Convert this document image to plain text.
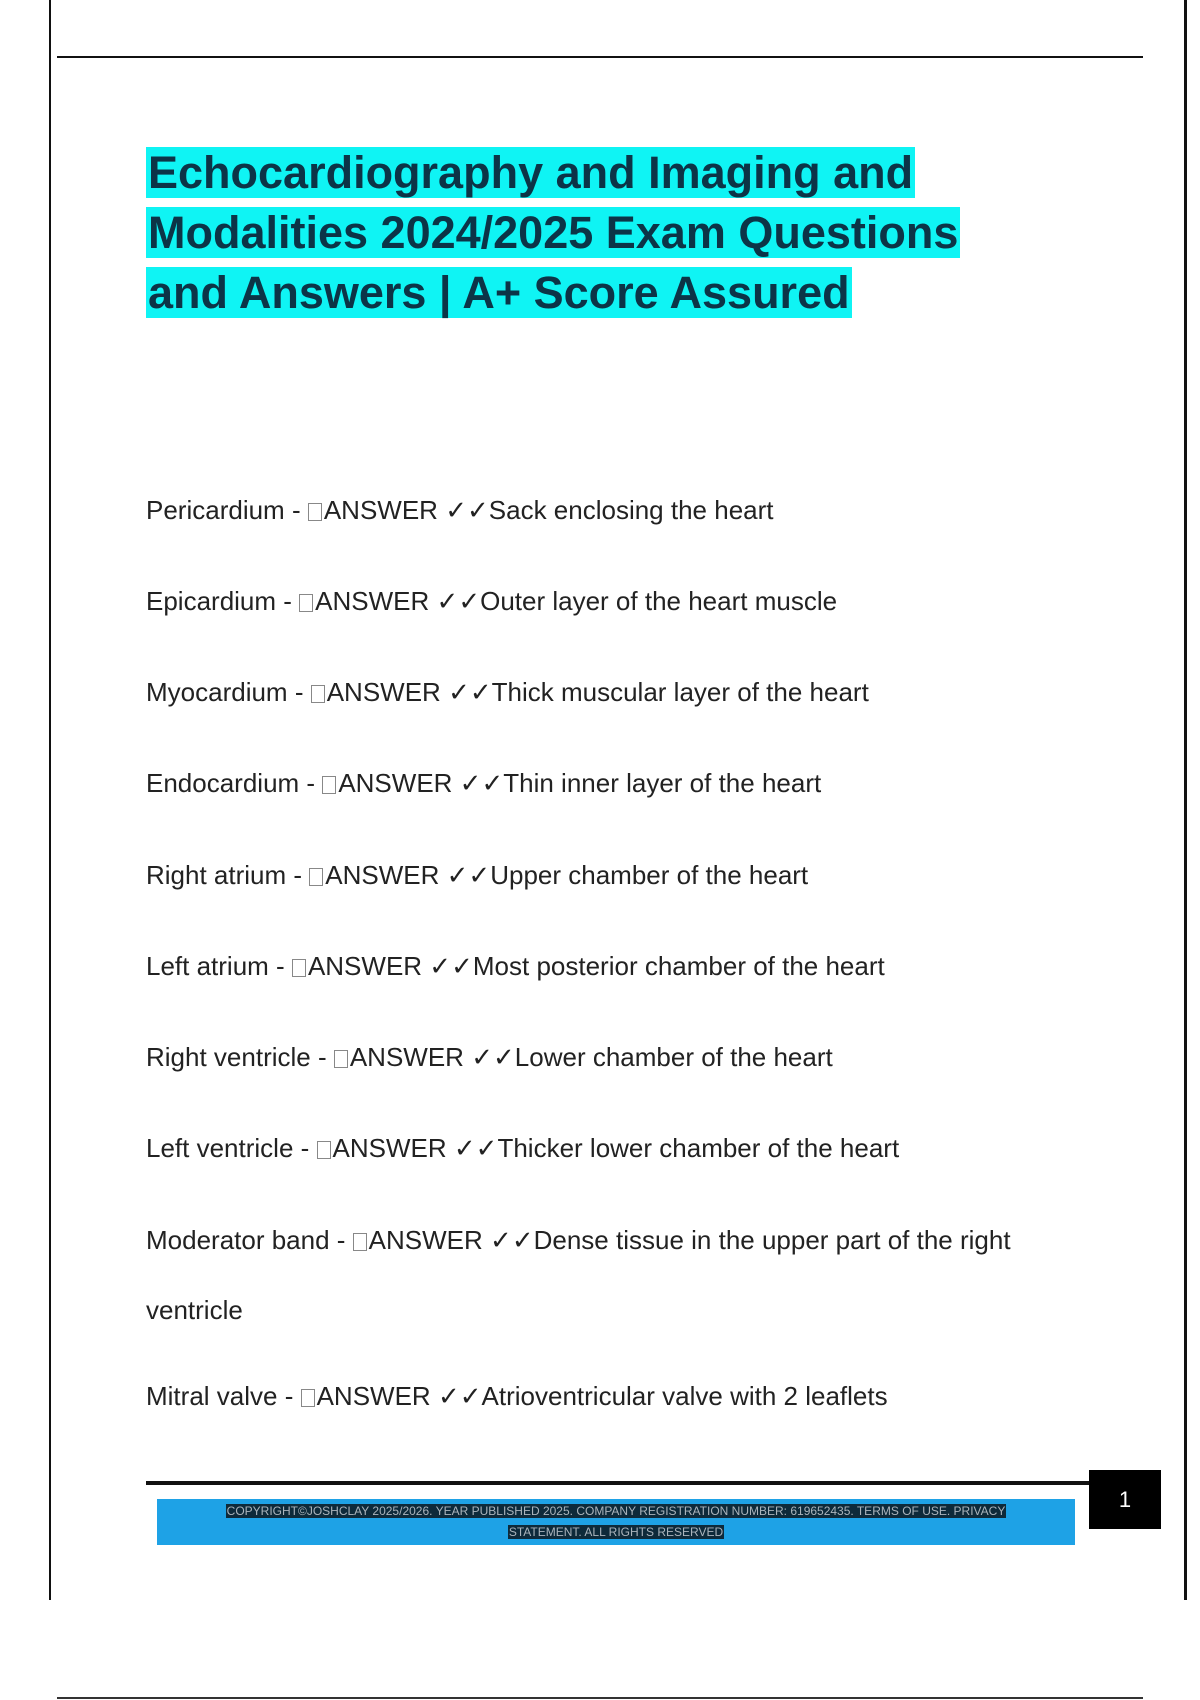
Echocardiography and Imaging and
Modalities 2024/2025 Exam Questions
and Answers | A+ Score Assured
Pericardium - ANSWER ✓✓Sack enclosing the heart
Epicardium - ANSWER ✓✓Outer layer of the heart muscle
Myocardium - ANSWER ✓✓Thick muscular layer of the heart
Endocardium - ANSWER ✓✓Thin inner layer of the heart
Right atrium - ANSWER ✓✓Upper chamber of the heart
Left atrium - ANSWER ✓✓Most posterior chamber of the heart
Right ventricle - ANSWER ✓✓Lower chamber of the heart
Left ventricle - ANSWER ✓✓Thicker lower chamber of the heart
Moderator band - ANSWER ✓✓Dense tissue in the upper part of the right ventricle
Mitral valve - ANSWER ✓✓Atrioventricular valve with 2 leaflets
COPYRIGHT©JOSHCLAY 2025/2026. YEAR PUBLISHED 2025. COMPANY REGISTRATION NUMBER: 619652435. TERMS OF USE. PRIVACY
STATEMENT. ALL RIGHTS RESERVED
1
